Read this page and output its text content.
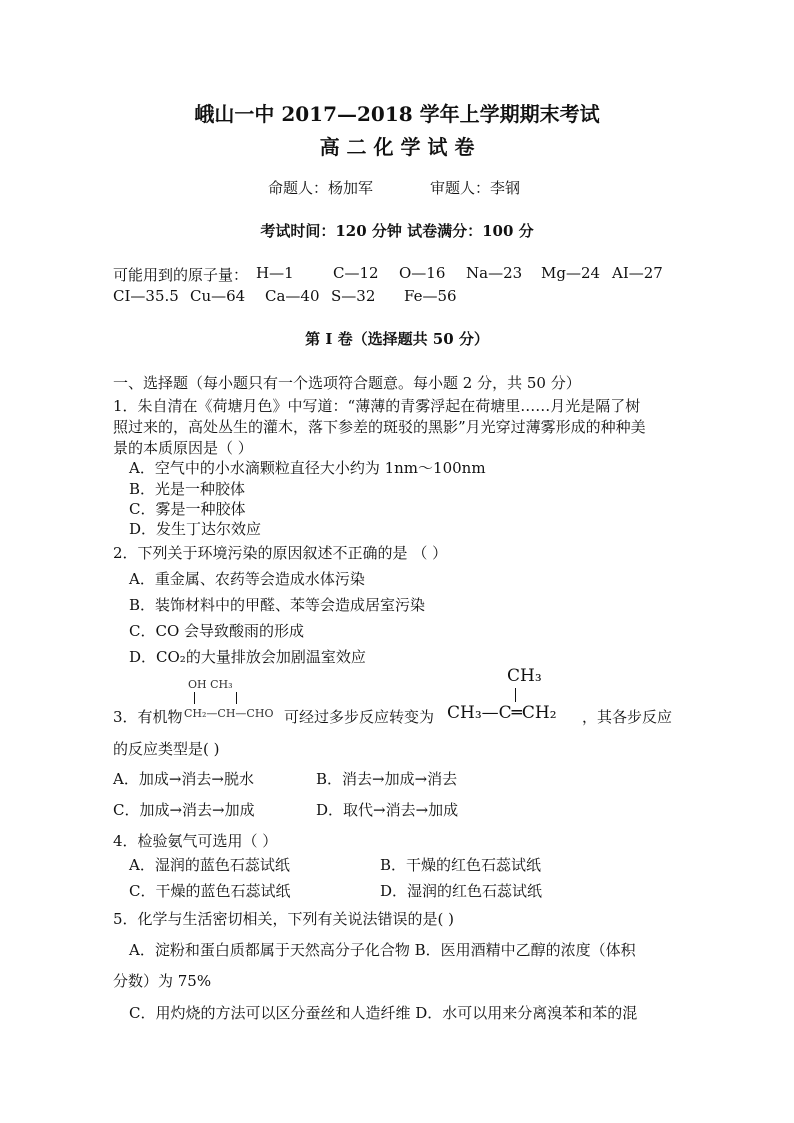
峨山一中 2017—2018 学年上学期期末考试
高 二 化 学 试 卷
命题人：杨加军	审题人：李钢
考试时间：120 分钟 试卷满分：100 分
可能用到的原子量： H—1	C—12 O—16 Na—23 Mg—24 AI—27
CI—35.5 Cu—64 Ca—40 S—32 Fe—56
第 I 卷（选择题共 50 分）
一、选择题（每小题只有一个选项符合题意。每小题 2 分，共 50 分）
1．朱自清在《荷塘月色》中写道：“薄薄的青雾浮起在荷塘里……月光是隔了树
照过来的，高处丛生的灌木，落下参差的斑驳的黑影”月光穿过薄雾形成的种种美
景的本质原因是（ ）
A．空气中的小水滴颗粒直径大小约为 1nm～100nm
B．光是一种胶体
C．雾是一种胶体
D．发生丁达尔效应
2．下列关于环境污染的原因叙述不正确的是 （ ）
A．重金属、农药等会造成水体污染
B．装饰材料中的甲醛、苯等会造成居室污染
C．CO 会导致酸雨的形成
D．CO₂的大量排放会加剧温室效应
OH CH₃
3．有机物 CH₂—CH—CHO 可经过多步反应转变为
CH₃
CH₃—C═CH₂ ，其各步反应
的反应类型是( )
A．加成→消去→脱水	B．消去→加成→消去
C．加成→消去→加成	D．取代→消去→加成
4．检验氨气可选用（ ）
A．湿润的蓝色石蕊试纸	B．干燥的红色石蕊试纸
C．干燥的蓝色石蕊试纸	D．湿润的红色石蕊试纸
5．化学与生活密切相关，下列有关说法错误的是( )
A．淀粉和蛋白质都属于天然高分子化合物 B．医用酒精中乙醇的浓度（体积
分数）为 75%
C．用灼烧的方法可以区分蚕丝和人造纤维 D．水可以用来分离溴苯和苯的混
